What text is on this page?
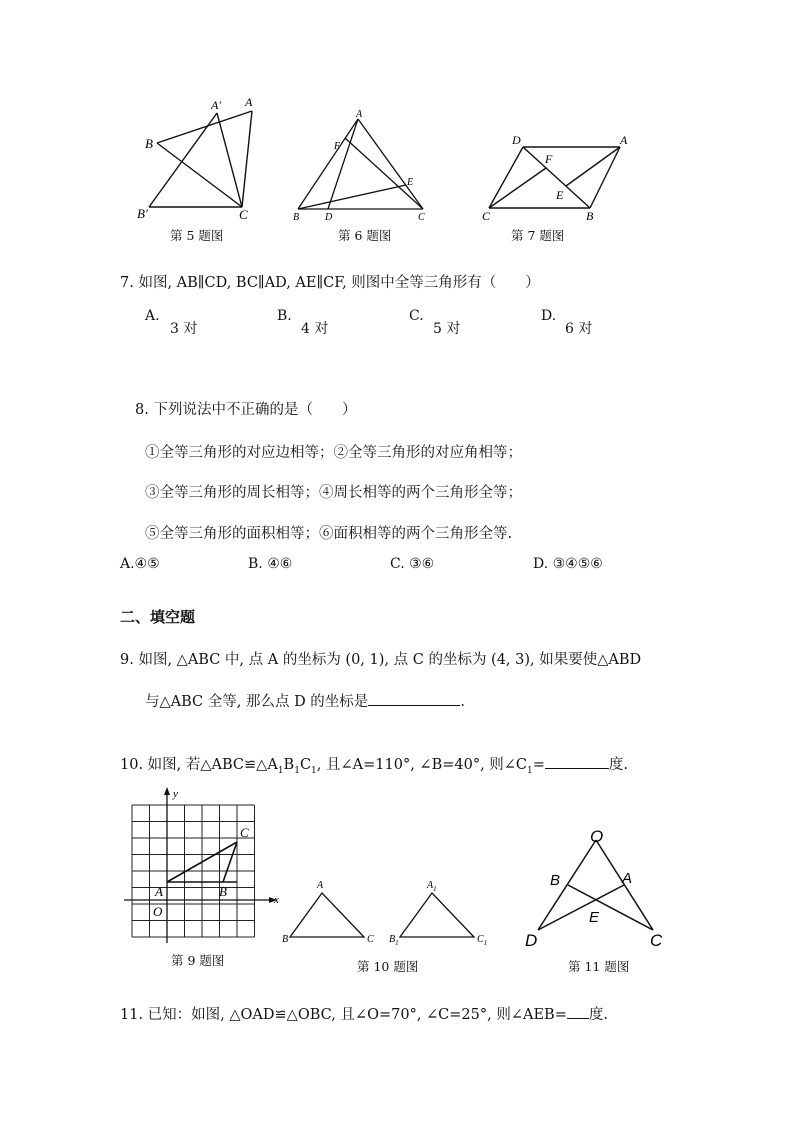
A′ A
B
B′	C
第 5 题图
A
F
E
B	D	C
第 6 题图
D	A
F
E
C	B
第 7 题图
7. 如图, AB∥CD, BC∥AD, AE∥CF, 则图中全等三角形有（　　）
A.
3 对
B.
4 对
C.
5 对
D.
6 对
8. 下列说法中不正确的是（　　）
①全等三角形的对应边相等；②全等三角形的对应角相等；
③全等三角形的周长相等；④周长相等的两个三角形全等；
⑤全等三角形的面积相等；⑥面积相等的两个三角形全等.
A.④⑤	B. ④⑥	C. ③⑥	D. ③④⑤⑥
二、填空题
9. 如图, △ABC 中, 点 A 的坐标为 (0, 1), 点 C 的坐标为 (4, 3), 如果要使△ABD
与△ABC 全等, 那么点 D 的坐标是	.
10. 如图, 若$\triangle ABC≌\triangle A_1B_1C_1$, 且∠A=110°, ∠B=40°, 则$\angle C_1=$	度.
y
x
C
A	B
O
第 9 题图
A
B	C
$A_1$
$B_1$	$C_1$
第 10 题图
O
B	A
E
D	C
第 11 题图
11. 已知：如图, △OAD≌△OBC, 且∠O=70°, ∠C=25°, 则∠AEB= 度.
